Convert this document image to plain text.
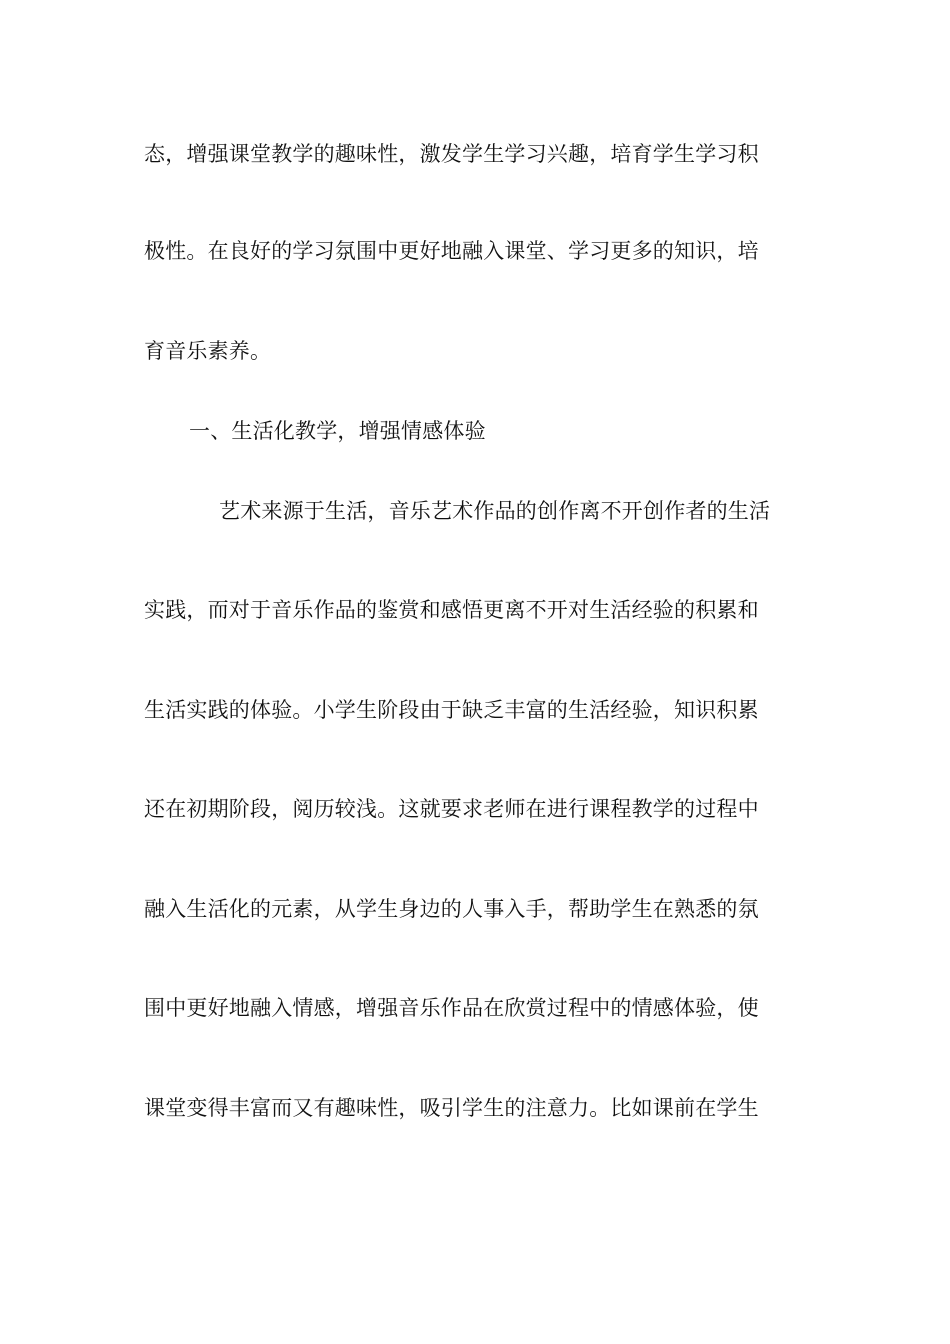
态，增强课堂教学的趣味性，激发学生学习兴趣，培育学生学习积
极性。在良好的学习氛围中更好地融入课堂、学习更多的知识，培
育音乐素养。
一、生活化教学，增强情感体验
艺术来源于生活，音乐艺术作品的创作离不开创作者的生活
实践，而对于音乐作品的鉴赏和感悟更离不开对生活经验的积累和
生活实践的体验。小学生阶段由于缺乏丰富的生活经验，知识积累
还在初期阶段，阅历较浅。这就要求老师在进行课程教学的过程中
融入生活化的元素，从学生身边的人事入手，帮助学生在熟悉的氛
围中更好地融入情感，增强音乐作品在欣赏过程中的情感体验，使
课堂变得丰富而又有趣味性，吸引学生的注意力。比如课前在学生
